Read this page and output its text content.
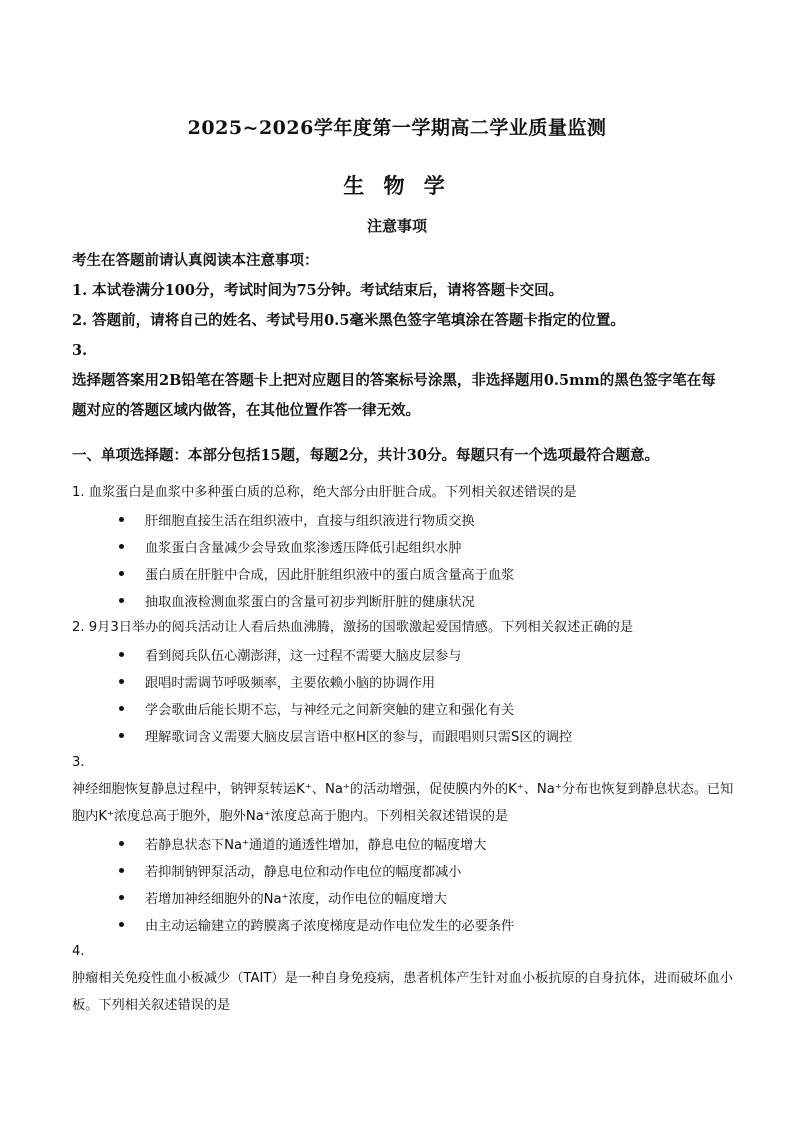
2025~2026学年度第一学期高二学业质量监测
生 物 学
注意事项
考生在答题前请认真阅读本注意事项：
1. 本试卷满分100分，考试时间为75分钟。考试结束后，请将答题卡交回。
2. 答题前，请将自己的姓名、考试号用0.5毫米黑色签字笔填涂在答题卡指定的位置。
3.
选择题答案用2B铅笔在答题卡上把对应题目的答案标号涂黑，非选择题用0.5mm的黑色签字笔在每题对应的答题区域内做答，在其他位置作答一律无效。
一、单项选择题：本部分包括15题，每题2分，共计30分。每题只有一个选项最符合题意。
1. 血浆蛋白是血浆中多种蛋白质的总称，绝大部分由肝脏合成。下列相关叙述错误的是
肝细胞直接生活在组织液中，直接与组织液进行物质交换
血浆蛋白含量减少会导致血浆渗透压降低引起组织水肿
蛋白质在肝脏中合成，因此肝脏组织液中的蛋白质含量高于血浆
抽取血液检测血浆蛋白的含量可初步判断肝脏的健康状况
2. 9月3日举办的阅兵活动让人看后热血沸腾，激扬的国歌激起爱国情感。下列相关叙述正确的是
看到阅兵队伍心潮澎湃，这一过程不需要大脑皮层参与
跟唱时需调节呼吸频率，主要依赖小脑的协调作用
学会歌曲后能长期不忘，与神经元之间新突触的建立和强化有关
理解歌词含义需要大脑皮层言语中枢H区的参与，而跟唱则只需S区的调控
3.
神经细胞恢复静息过程中，钠钾泵转运K⁺、Na⁺的活动增强，促使膜内外的K⁺、Na⁺分布也恢复到静息状态。已知胞内K⁺浓度总高于胞外，胞外Na⁺浓度总高于胞内。下列相关叙述错误的是
若静息状态下Na⁺通道的通透性增加，静息电位的幅度增大
若抑制钠钾泵活动，静息电位和动作电位的幅度都减小
若增加神经细胞外的Na⁺浓度，动作电位的幅度增大
由主动运输建立的跨膜离子浓度梯度是动作电位发生的必要条件
4.
肿瘤相关免疫性血小板减少（TAIT）是一种自身免疫病，患者机体产生针对血小板抗原的自身抗体，进而破坏血小板。下列相关叙述错误的是
